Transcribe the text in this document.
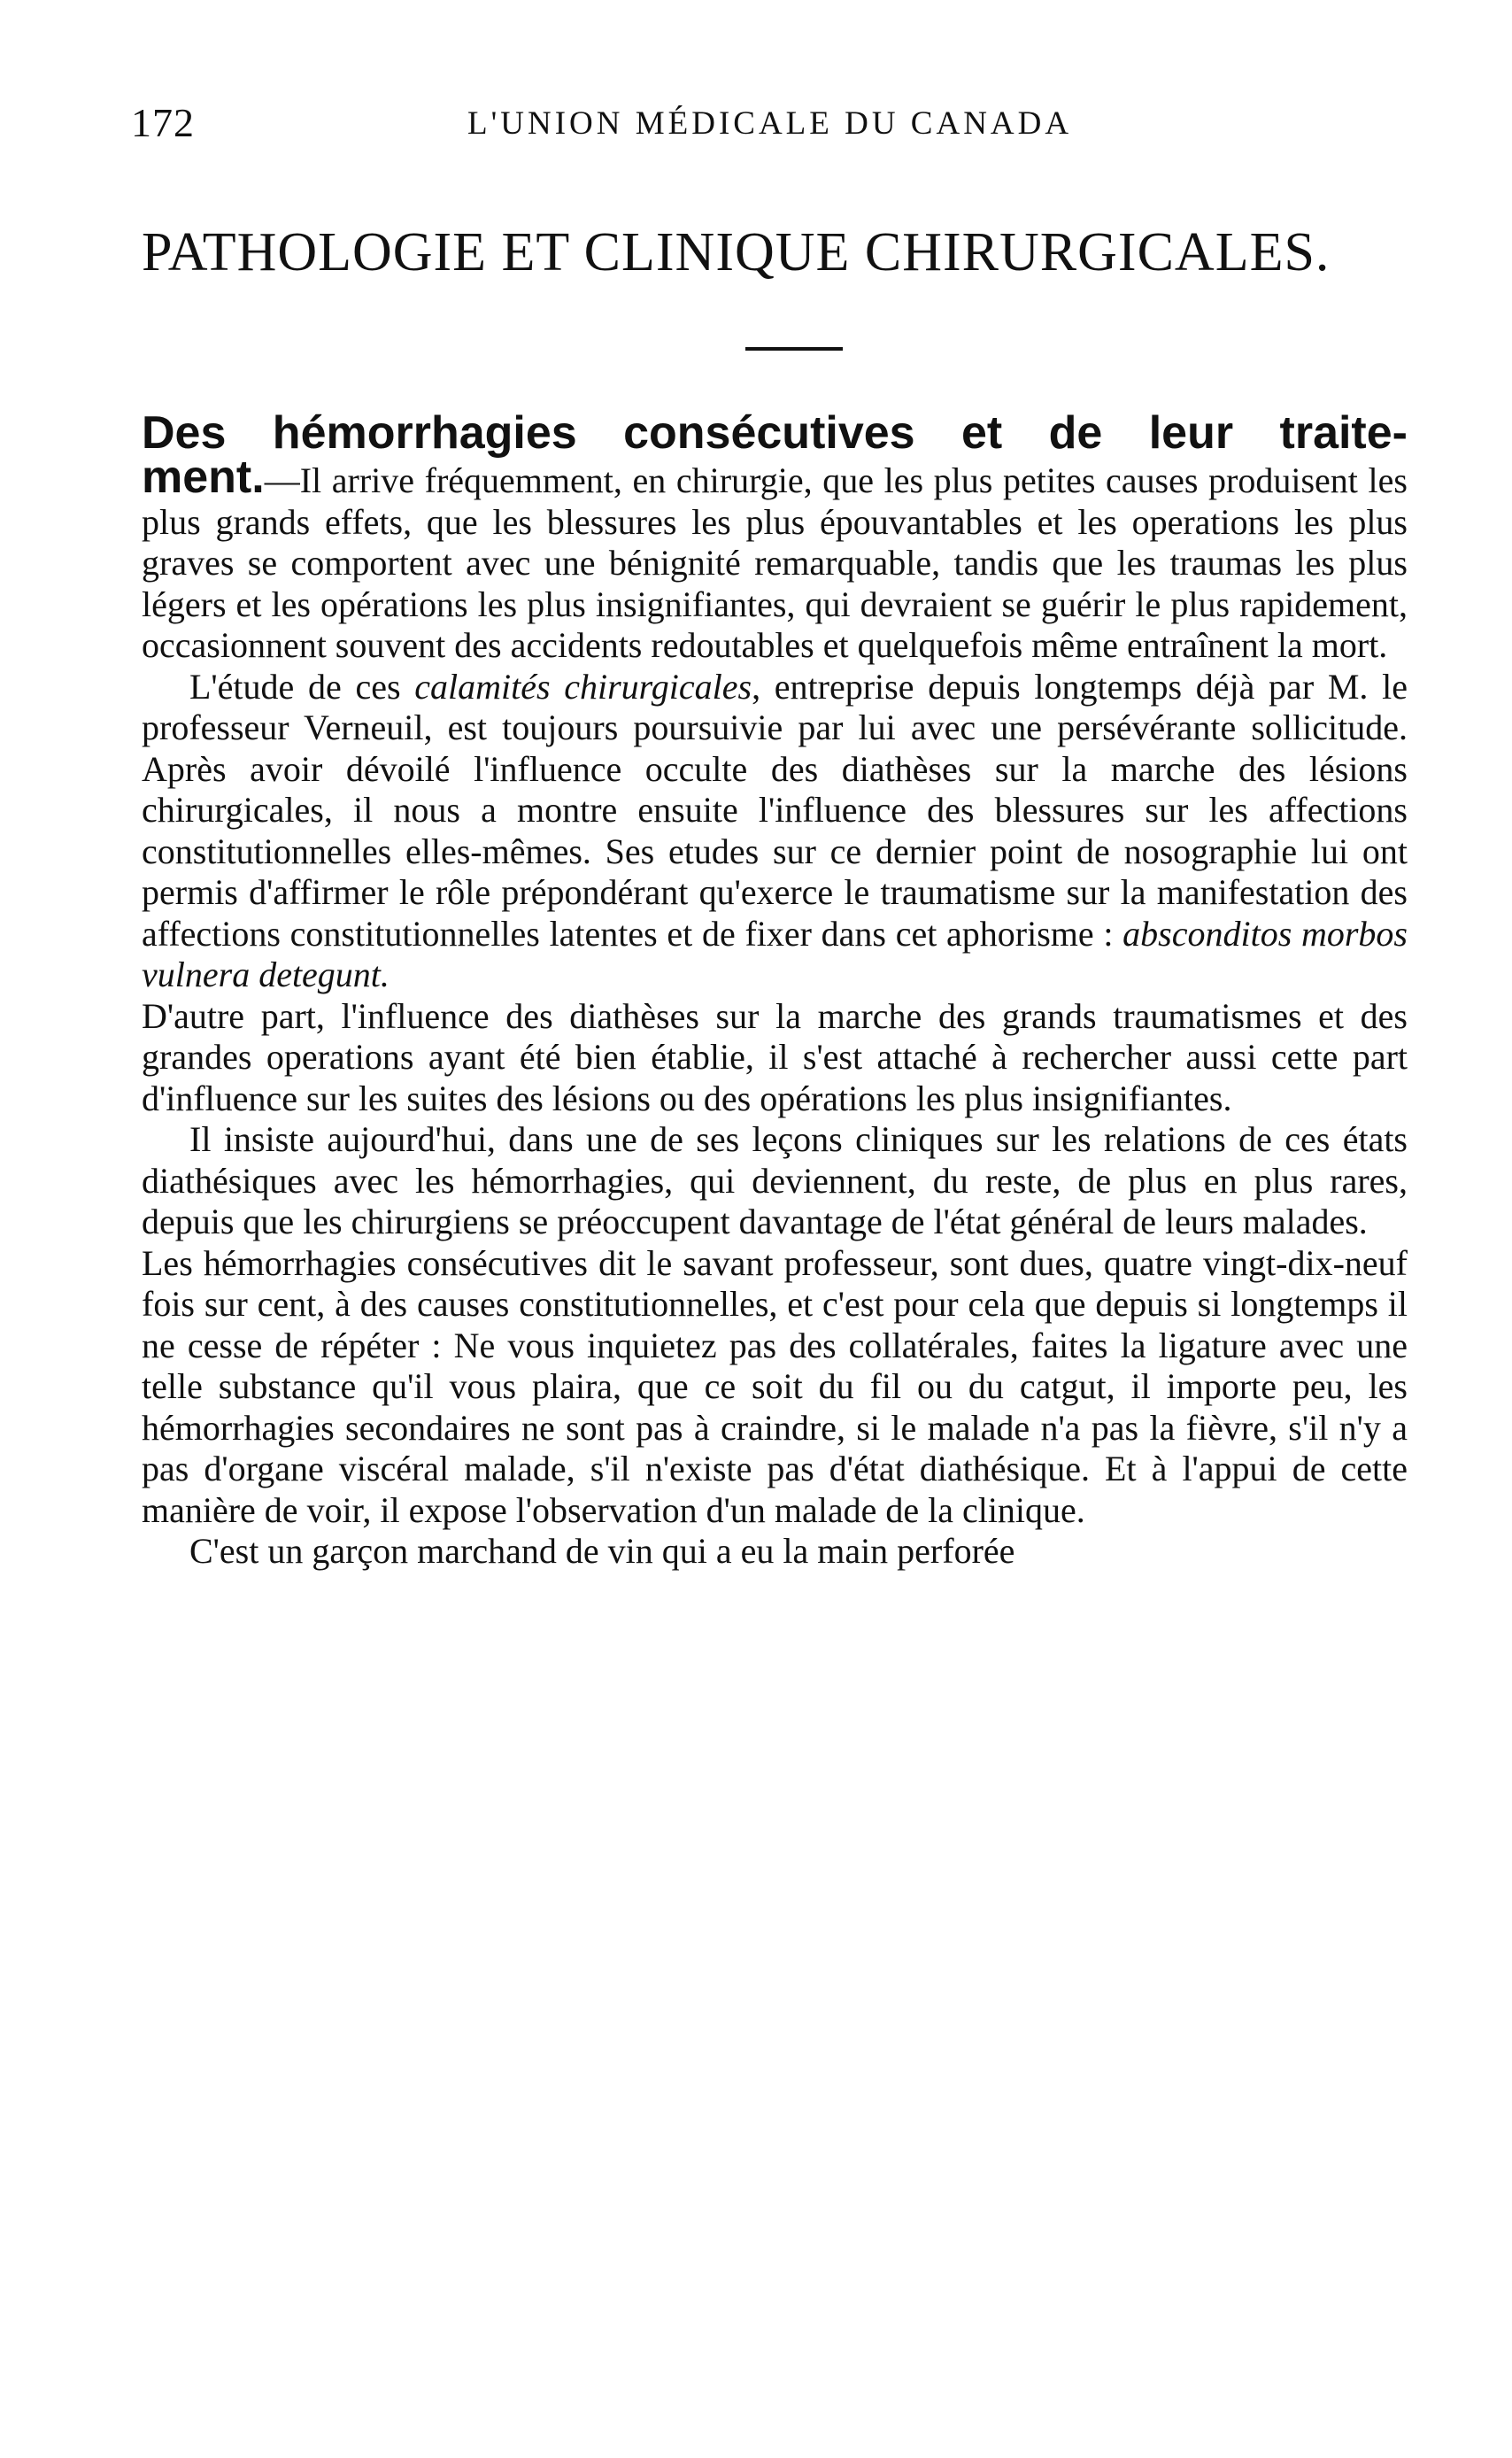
172	L'UNION MÉDICALE DU CANADA
PATHOLOGIE ET CLINIQUE CHIRURGICALES.
Des hémorrhagies consécutives et de leur traite-

ment.—Il arrive fréquemment, en chirurgie, que les plus petites causes produisent les plus grands effets, que les blessures les plus épouvantables et les operations les plus graves se comportent avec une bénignité remarquable, tandis que les traumas les plus légers et les opérations les plus insignifiantes, qui devraient se guérir le plus rapidement, occasionnent souvent des accidents redoutables et quelquefois même entraînent la mort.

L'étude de ces calamités chirurgicales, entreprise depuis longtemps déjà par M. le professeur Verneuil, est toujours poursuivie par lui avec une persévérante sollicitude. Après avoir dévoilé l'influence occulte des diathèses sur la marche des lésions chirurgicales, il nous a montre ensuite l'influence des blessures sur les affections constitutionnelles elles-mêmes. Ses etudes sur ce dernier point de nosographie lui ont permis d'affirmer le rôle prépondérant qu'exerce le traumatisme sur la manifestation des affections constitutionnelles latentes et de fixer dans cet aphorisme : absconditos morbos vulnera detegunt.

D'autre part, l'influence des diathèses sur la marche des grands traumatismes et des grandes operations ayant été bien établie, il s'est attaché à rechercher aussi cette part d'influence sur les suites des lésions ou des opérations les plus insignifiantes.

Il insiste aujourd'hui, dans une de ses leçons cliniques sur les relations de ces états diathésiques avec les hémorrhagies, qui deviennent, du reste, de plus en plus rares, depuis que les chirurgiens se préoccupent davantage de l'état général de leurs malades.

Les hémorrhagies consécutives dit le savant professeur, sont dues, quatre vingt-dix-neuf fois sur cent, à des causes constitutionnelles, et c'est pour cela que depuis si longtemps il ne cesse de répéter : Ne vous inquietez pas des collatérales, faites la ligature avec une telle substance qu'il vous plaira, que ce soit du fil ou du catgut, il importe peu, les hémorrhagies secondaires ne sont pas à craindre, si le malade n'a pas la fièvre, s'il n'y a pas d'organe viscéral malade, s'il n'existe pas d'état diathésique. Et à l'appui de cette manière de voir, il expose l'observation d'un malade de la clinique.

C'est un garçon marchand de vin qui a eu la main perforée
